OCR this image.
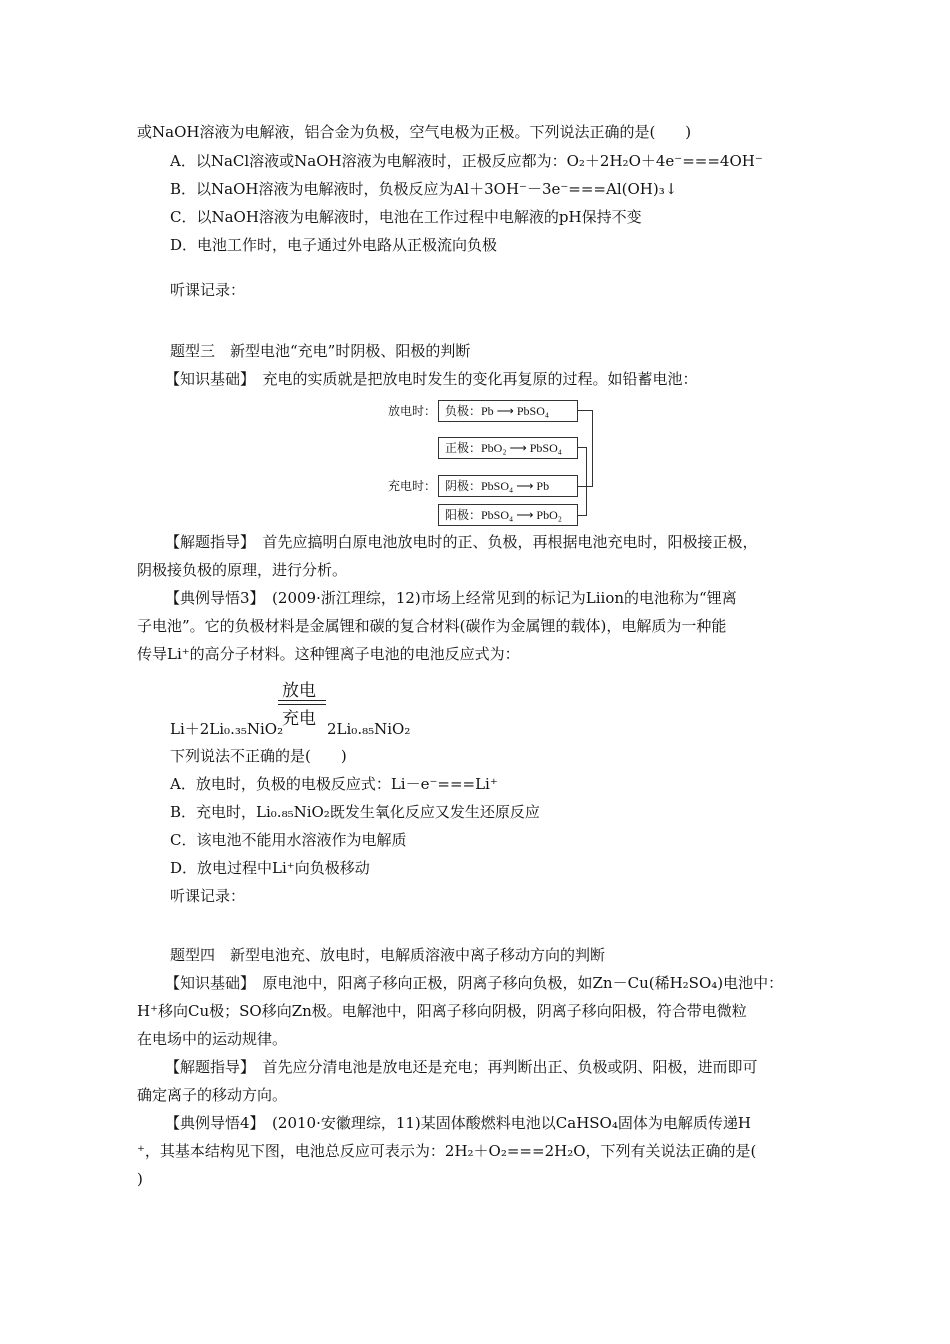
或NaOH溶液为电解液，铝合金为负极，空气电极为正极。下列说法正确的是(　　)
A．以NaCl溶液或NaOH溶液为电解液时，正极反应都为：O₂＋2H₂O＋4e⁻===4OH⁻
B．以NaOH溶液为电解液时，负极反应为Al＋3OH⁻－3e⁻===Al(OH)₃↓
C．以NaOH溶液为电解液时，电池在工作过程中电解液的pH保持不变
D．电池工作时，电子通过外电路从正极流向负极
听课记录：
题型三　新型电池“充电”时阴极、阳极的判断
【知识基础】　充电的实质就是把放电时发生的变化再复原的过程。如铅蓄电池：
放电时：
充电时：
负极：Pb ⟶ PbSO₄
正极：PbO₂ ⟶ PbSO₄
阴极：PbSO₄ ⟶ Pb
阳极：PbSO₄ ⟶ PbO₂
【解题指导】　首先应搞明白原电池放电时的正、负极，再根据电池充电时，阳极接正极，
阴极接负极的原理，进行分析。
【典例导悟3】　(2009·浙江理综，12)市场上经常见到的标记为Liion的电池称为“锂离
子电池”。它的负极材料是金属锂和碳的复合材料(碳作为金属锂的载体)，电解质为一种能
传导Li⁺的高分子材料。这种锂离子电池的电池反应式为：
放电
充电
Li＋2Li₀.₃₅NiO₂	2Li₀.₈₅NiO₂
下列说法不正确的是(　　)
A．放电时，负极的电极反应式：Li－e⁻===Li⁺
B．充电时，Li₀.₈₅NiO₂既发生氧化反应又发生还原反应
C．该电池不能用水溶液作为电解质
D．放电过程中Li⁺向负极移动
听课记录：
题型四　新型电池充、放电时，电解质溶液中离子移动方向的判断
【知识基础】　原电池中，阳离子移向正极，阴离子移向负极，如Zn－Cu(稀H₂SO₄)电池中：
H⁺移向Cu极；SO移向Zn极。电解池中，阳离子移向阴极，阴离子移向阳极，符合带电微粒
在电场中的运动规律。
【解题指导】　首先应分清电池是放电还是充电；再判断出正、负极或阴、阳极，进而即可
确定离子的移动方向。
【典例导悟4】　(2010·安徽理综，11)某固体酸燃料电池以CaHSO₄固体为电解质传递H
⁺，其基本结构见下图，电池总反应可表示为：2H₂＋O₂===2H₂O，下列有关说法正确的是(
)
